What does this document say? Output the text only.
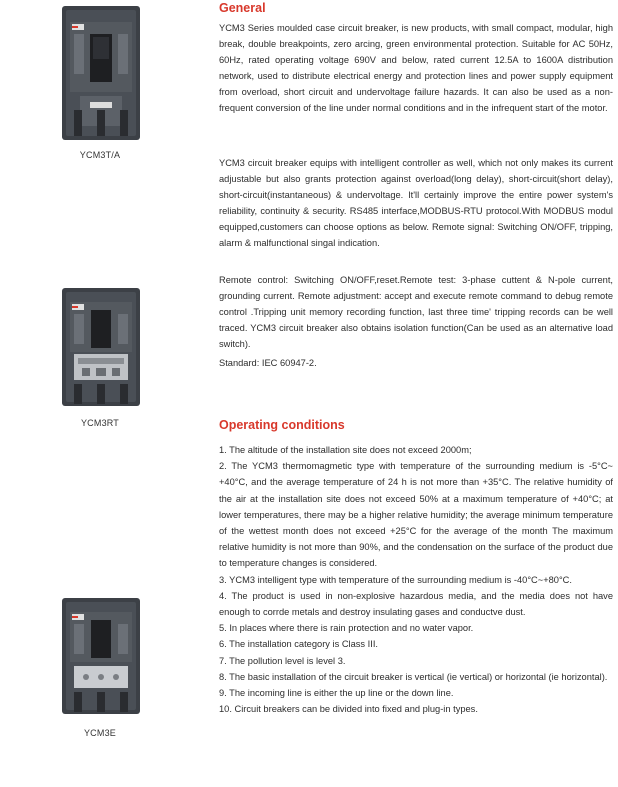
YCM3T/A
YCM3RT
YCM3E
General
YCM3 Series moulded case circuit breaker, is new products, with small compact, modular, high break, double breakpoints, zero arcing, green environmental protection. Suitable for AC 50Hz, 60Hz, rated operating voltage 690V and below, rated current 12.5A to 1600A distribution network, used to distribute electrical energy and protection lines and power supply equipment from overload, short circuit and undervoltage failure hazards. It can also be used as a non-frequent conversion of the line under normal conditions and in the infrequent start of the motor.
YCM3 circuit breaker equips with intelligent controller as well, which not only makes its current adjustable but also grants protection against overload(long delay), short-circuit(short delay), short-circuit(instantaneous) & undervoltage. It'll certainly improve the entire power system's reliability, continuity & security. RS485 interface,MODBUS-RTU protocol.With MODBUS modul equipped,customers can choose options as below. Remote signal: Switching ON/OFF, tripping, alarm & malfunctional singal indication.
Remote control: Switching ON/OFF,reset.Remote test: 3-phase cuttent & N-pole current, grounding current. Remote adjustment: accept and execute remote command to debug remote control .Tripping unit memory recording function, last three time' tripping records can be well traced. YCM3 circuit breaker also obtains isolation function(Can be used as an alternative load switch).
Standard: IEC 60947-2.
Operating conditions
1. The altitude of the installation site does not exceed 2000m;
2. The YCM3 thermomagmetic type with temperature of the surrounding medium is -5°C~ +40°C, and the average temperature of 24 h is not more than +35°C. The relative humidity of the air at the installation site does not exceed 50% at a maximum temperature of +40°C; at lower temperatures, there may be a higher relative humidity; the average minimum temperature of the wettest month does not exceed +25°C for the average of the month The maximum relative humidity is not more than 90%, and the condensation on the surface of the product due to temperature changes is considered.
3. YCM3 intelligent type with temperature of the surrounding medium is -40°C~+80°C.
4. The product is used in non-explosive hazardous media, and the media does not have enough to corrde metals and destroy insulating gases and conductve dust.
5. In places where there is rain protection and no water vapor.
6. The installation category is Class III.
7. The pollution level is level 3.
8. The basic installation of the circuit breaker is vertical (ie vertical) or horizontal (ie horizontal).
9. The incoming line is either the up line or the down line.
10. Circuit breakers can be divided into fixed and plug-in types.
